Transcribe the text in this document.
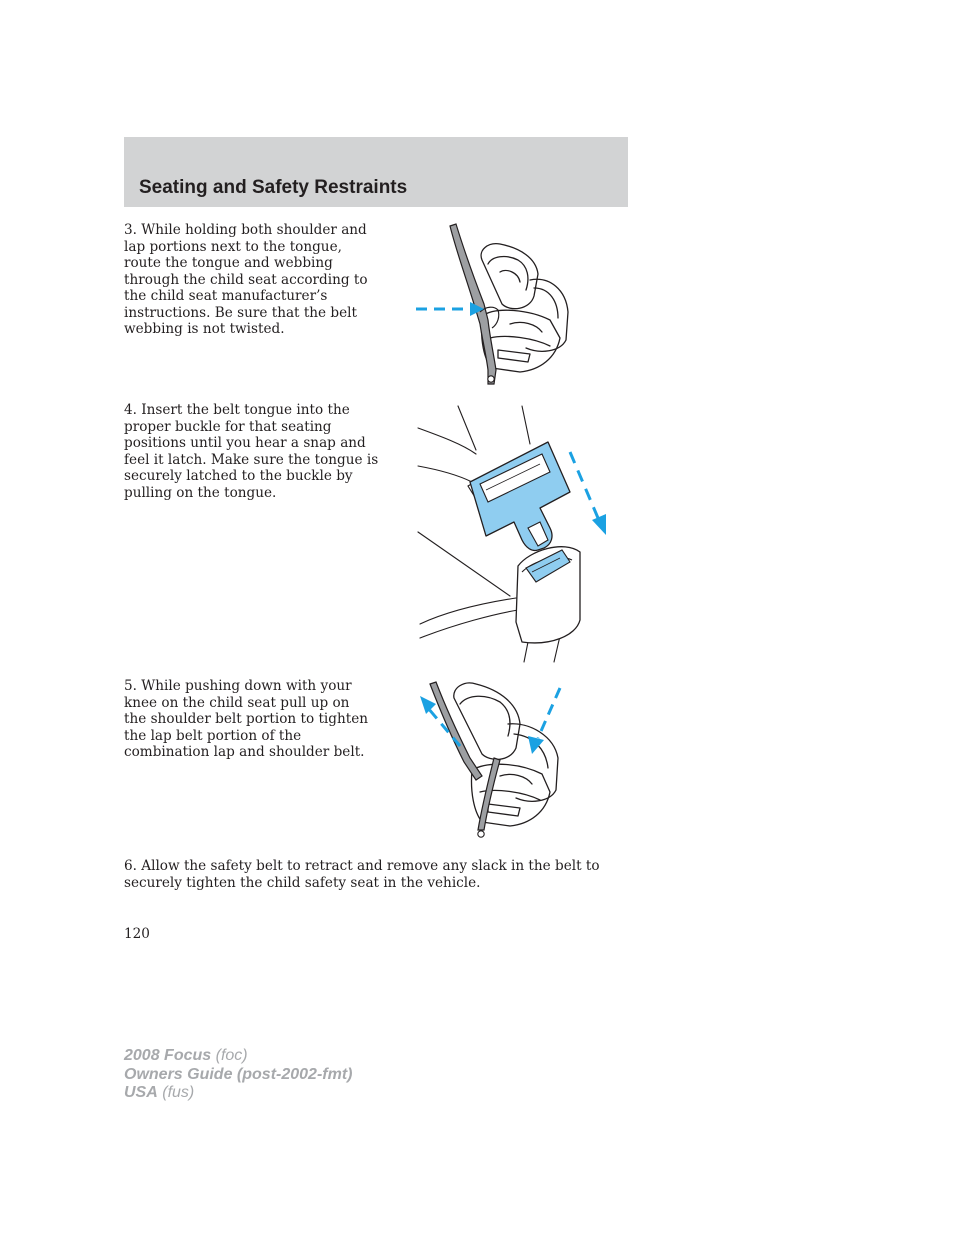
Seating and Safety Restraints

3. While holding both shoulder and lap portions next to the tongue, route the tongue and webbing through the child seat according to the child seat manufacturer’s instructions. Be sure that the belt webbing is not twisted.

4. Insert the belt tongue into the proper buckle for that seating positions until you hear a snap and feel it latch. Make sure the tongue is securely latched to the buckle by pulling on the tongue.

5. While pushing down with your knee on the child seat pull up on the shoulder belt portion to tighten the lap belt portion of the combination lap and shoulder belt.

6. Allow the safety belt to retract and remove any slack in the belt to securely tighten the child safety seat in the vehicle.

120

2008 Focus (foc)
Owners Guide (post-2002-fmt)
USA (fus)
